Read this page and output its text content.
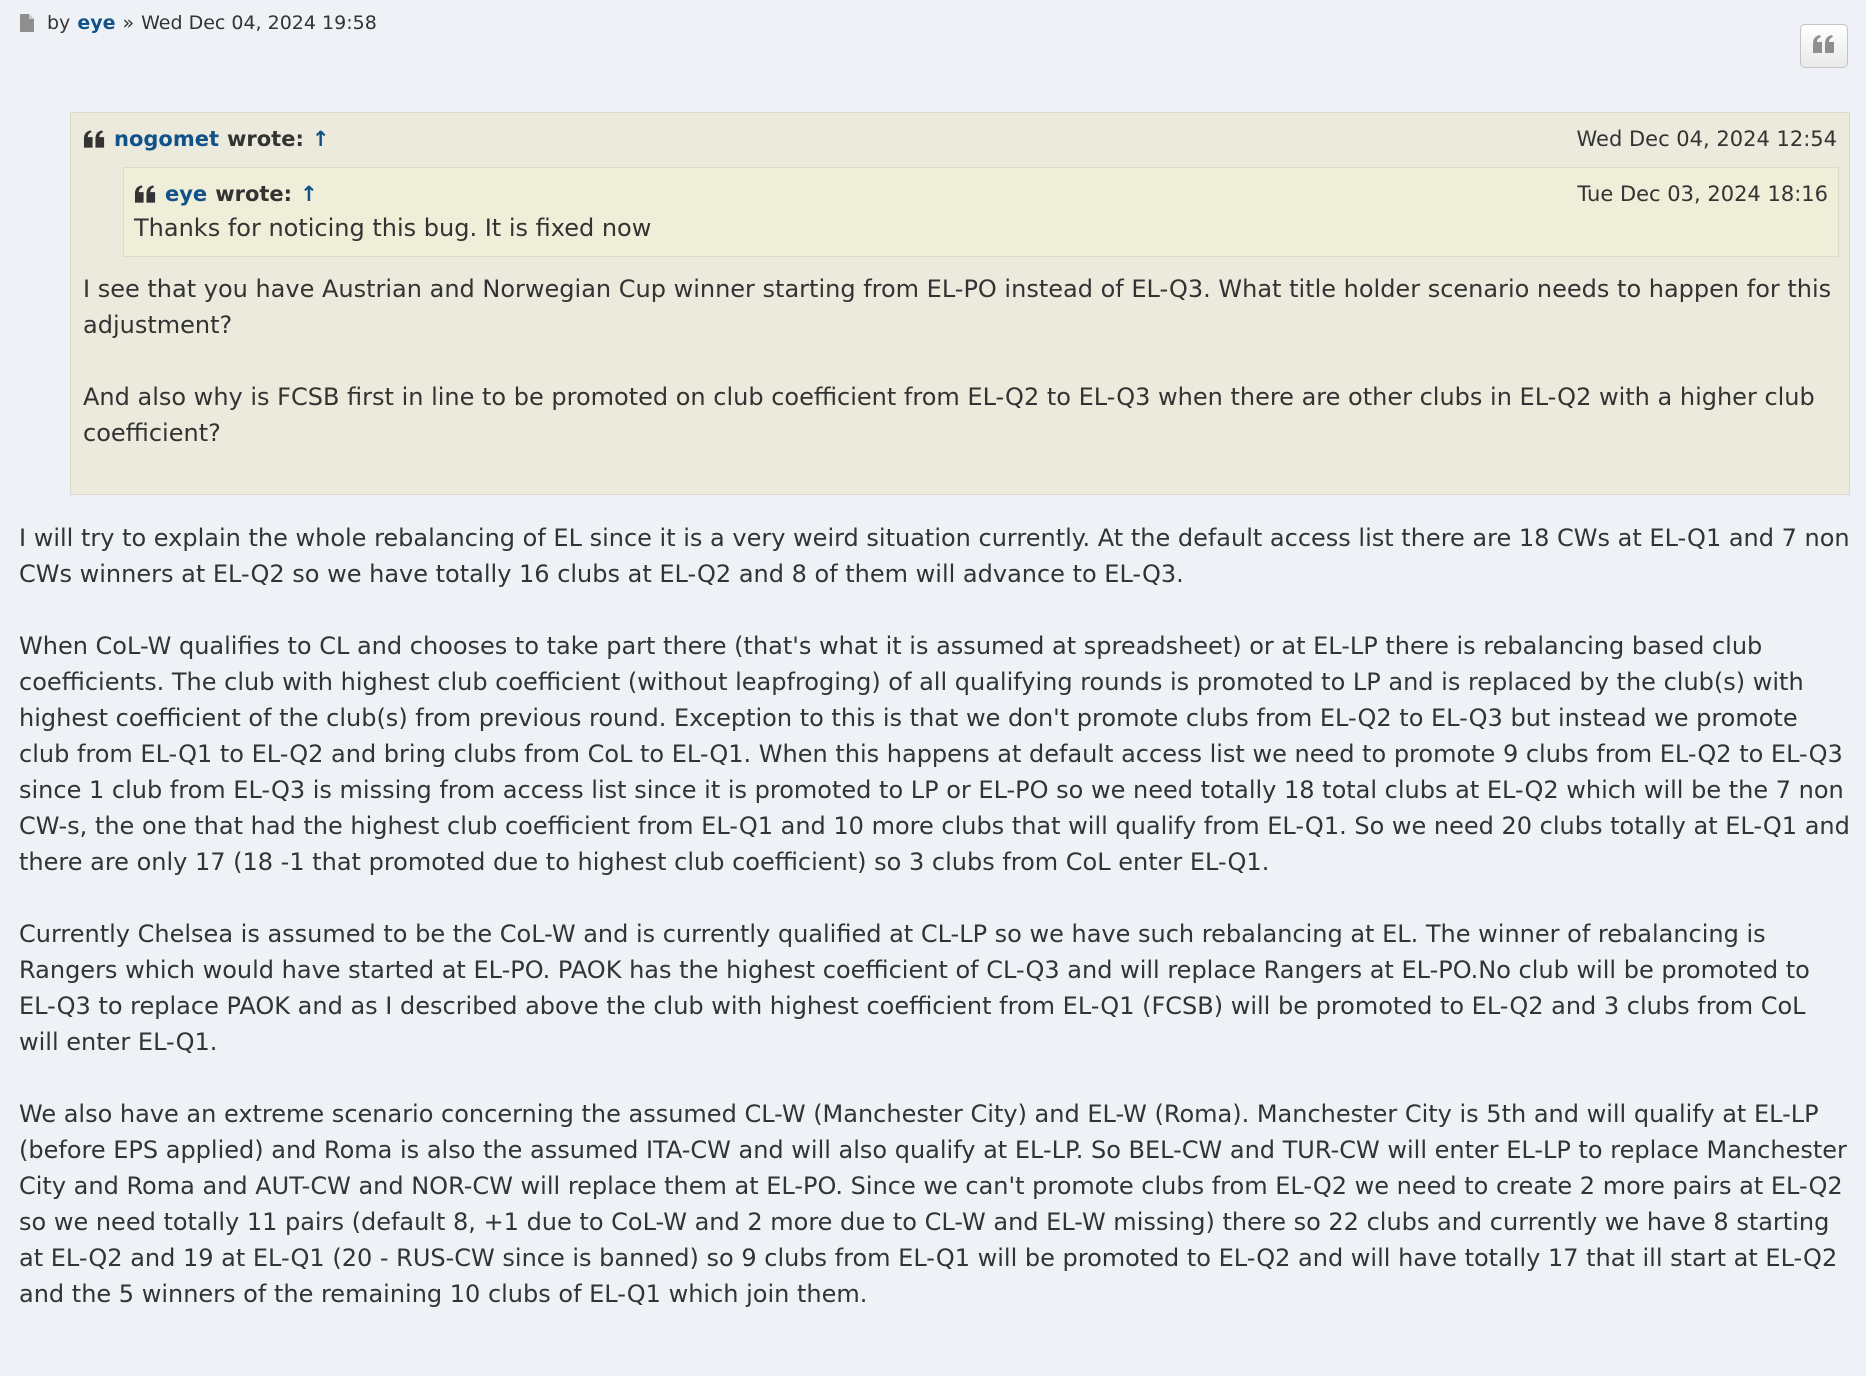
by eye » Wed Dec 04, 2024 19:58
nogomet wrote: ↑	Wed Dec 04, 2024 12:54
eye wrote: ↑	Tue Dec 03, 2024 18:16
Thanks for noticing this bug. It is fixed now

I see that you have Austrian and Norwegian Cup winner starting from EL-PO instead of EL-Q3. What title holder scenario needs to happen for this adjustment?

And also why is FCSB first in line to be promoted on club coefficient from EL-Q2 to EL-Q3 when there are other clubs in EL-Q2 with a higher club coefficient?

I will try to explain the whole rebalancing of EL since it is a very weird situation currently. At the default access list there are 18 CWs at EL-Q1 and 7 non CWs winners at EL-Q2 so we have totally 16 clubs at EL-Q2 and 8 of them will advance to EL-Q3.

When CoL-W qualifies to CL and chooses to take part there (that's what it is assumed at spreadsheet) or at EL-LP there is rebalancing based club coefficients. The club with highest club coefficient (without leapfroging) of all qualifying rounds is promoted to LP and is replaced by the club(s) with highest coefficient of the club(s) from previous round. Exception to this is that we don't promote clubs from EL-Q2 to EL-Q3 but instead we promote club from EL-Q1 to EL-Q2 and bring clubs from CoL to EL-Q1. When this happens at default access list we need to promote 9 clubs from EL-Q2 to EL-Q3 since 1 club from EL-Q3 is missing from access list since it is promoted to LP or EL-PO so we need totally 18 total clubs at EL-Q2 which will be the 7 non CW-s, the one that had the highest club coefficient from EL-Q1 and 10 more clubs that will qualify from EL-Q1. So we need 20 clubs totally at EL-Q1 and there are only 17 (18 -1 that promoted due to highest club coefficient) so 3 clubs from CoL enter EL-Q1.

Currently Chelsea is assumed to be the CoL-W and is currently qualified at CL-LP so we have such rebalancing at EL. The winner of rebalancing is Rangers which would have started at EL-PO. PAOK has the highest coefficient of CL-Q3 and will replace Rangers at EL-PO.No club will be promoted to EL-Q3 to replace PAOK and as I described above the club with highest coefficient from EL-Q1 (FCSB) will be promoted to EL-Q2 and 3 clubs from CoL will enter EL-Q1.

We also have an extreme scenario concerning the assumed CL-W (Manchester City) and EL-W (Roma). Manchester City is 5th and will qualify at EL-LP (before EPS applied) and Roma is also the assumed ITA-CW and will also qualify at EL-LP. So BEL-CW and TUR-CW will enter EL-LP to replace Manchester City and Roma and AUT-CW and NOR-CW will replace them at EL-PO. Since we can't promote clubs from EL-Q2 we need to create 2 more pairs at EL-Q2 so we need totally 11 pairs (default 8, +1 due to CoL-W and 2 more due to CL-W and EL-W missing) there so 22 clubs and currently we have 8 starting at EL-Q2 and 19 at EL-Q1 (20 - RUS-CW since is banned) so 9 clubs from EL-Q1 will be promoted to EL-Q2 and will have totally 17 that ill start at EL-Q2 and the 5 winners of the remaining 10 clubs of EL-Q1 which join them.
